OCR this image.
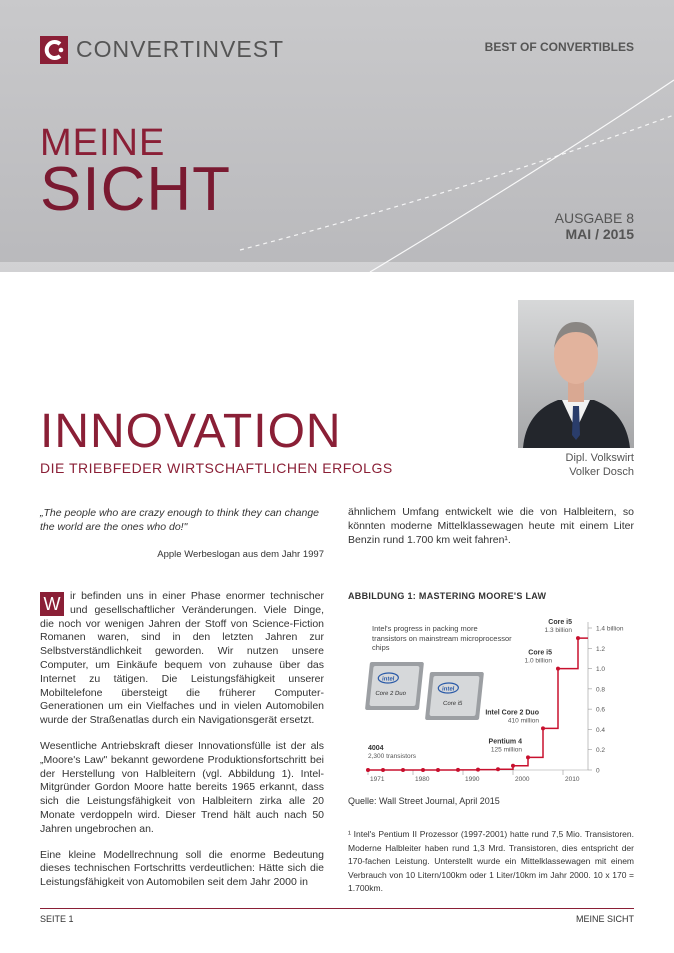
CONVERTINVEST	BEST OF CONVERTIBLES
MEINE
SICHT	AUSGABE 8
MAI / 2015
Dipl. Volkswirt
Volker Dosch
INNOVATION
DIE TRIEBFEDER WIRTSCHAFTLICHEN ERFOLGS
„The people who are crazy enough to think they can change the world are the ones who do!"
Apple Werbeslogan aus dem Jahr 1997

W ir befinden uns in einer Phase enormer technischer und gesellschaftlicher Veränderungen. Viele Dinge, die noch vor wenigen Jahren der Stoff von Science-Fiction Romanen waren, sind in den letzten Jahren zur Selbstverständlichkeit geworden. Wir nutzen unsere Computer, um Einkäufe bequem von zuhause über das Internet zu tätigen. Die Leistungsfähigkeit unserer Mobiltelefone übersteigt die früherer Computer-Generationen um ein Vielfaches und in vielen Automobilen wurde der Straßenatlas durch ein Navigationsgerät ersetzt.

Wesentliche Antriebskraft dieser Innovationsfülle ist der als „Moore's Law" bekannt gewordene Produktionsfortschritt bei der Herstellung von Halbleitern (vgl. Abbildung 1). Intel-Mitgründer Gordon Moore hatte bereits 1965 erkannt, dass sich die Leistungsfähigkeit von Halbleitern zirka alle 20 Monate verdoppeln wird. Dieser Trend hält auch nach 50 Jahren ungebrochen an.

Eine kleine Modellrechnung soll die enorme Bedeutung dieses technischen Fortschritts verdeutlichen: Hätte sich die Leistungsfähigkeit von Automobilen seit dem Jahr 2000 in

ähnlichem Umfang entwickelt wie die von Halbleitern, so könnten moderne Mittelklassewagen heute mit einem Liter Benzin rund 1.700 km weit fahren¹.
ABBILDUNG 1: MASTERING MOORE'S LAW
intel
Core 2 Duo
intel
Core i5
Intel's progress in packing more transistors on mainstream microprocessor chips
0
0.2
0.4
0.6
0.8
1.0
1.2
1.4 billion
1971	1980	1990	2000	2010
4004
2,300 transistors
Pentium 4
125 million
Intel Core 2 Duo
410 million
Core i5
1.0 billion
Core i5
1.3 billion
Quelle: Wall Street Journal, April 2015
¹ Intel's Pentium II Prozessor (1997-2001) hatte rund 7,5 Mio. Transistoren. Moderne Halbleiter haben rund 1,3 Mrd. Transistoren, dies entspricht der 170-fachen Leistung. Unterstellt wurde ein Mittelklassewagen mit einem Verbrauch von 10 Litern/100km oder 1 Liter/10km im Jahr 2000. 10 x 170 = 1.700km.
SEITE 1	MEINE SICHT
